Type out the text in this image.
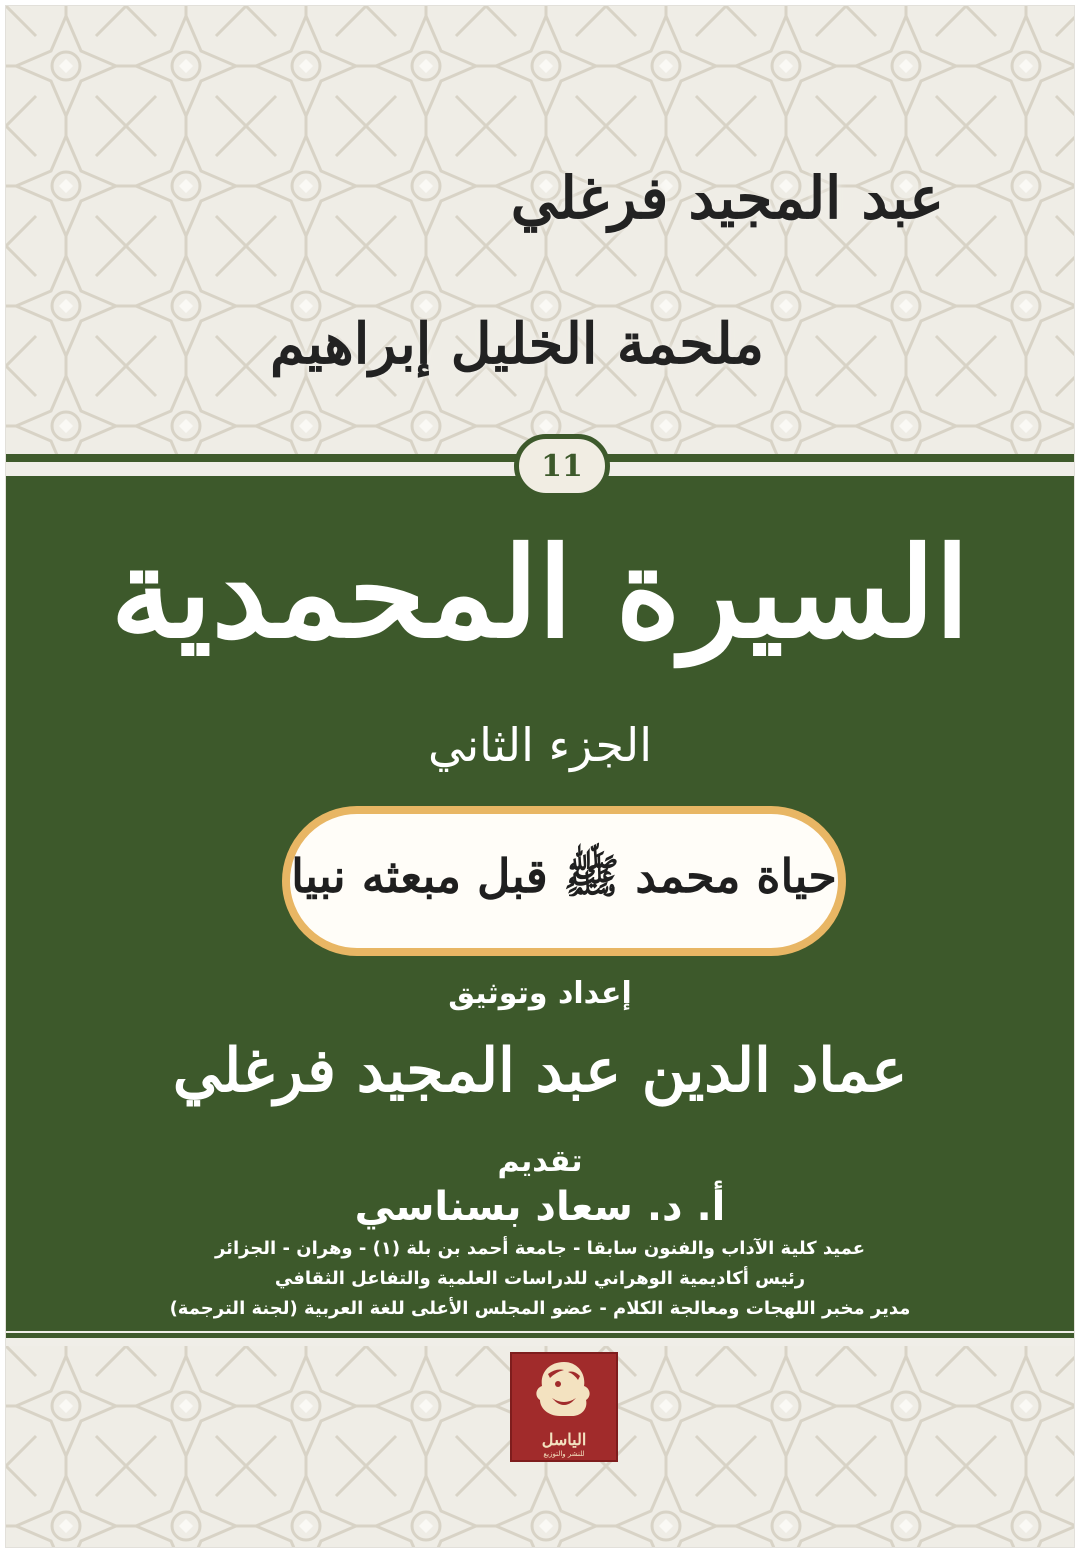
عبد المجيد فرغلي
ملحمة الخليل إبراهيم
11
السيرة المحمدية
الجزء الثاني
حياة محمد ﷺ قبل مبعثه نبيا
إعداد وتوثيق
عماد الدين عبد المجيد فرغلي
تقديم
أ. د. سعاد بسناسي
عميد كلية الآداب والفنون سابقا - جامعة أحمد بن بلة (١) - وهران - الجزائر
رئيس أكاديمية الوهراني للدراسات العلمية والتفاعل الثقافي
مدير مخبر اللهجات ومعالجة الكلام - عضو المجلس الأعلى للغة العربية (لجنة الترجمة)
الياسل
للنشر والتوزيع
